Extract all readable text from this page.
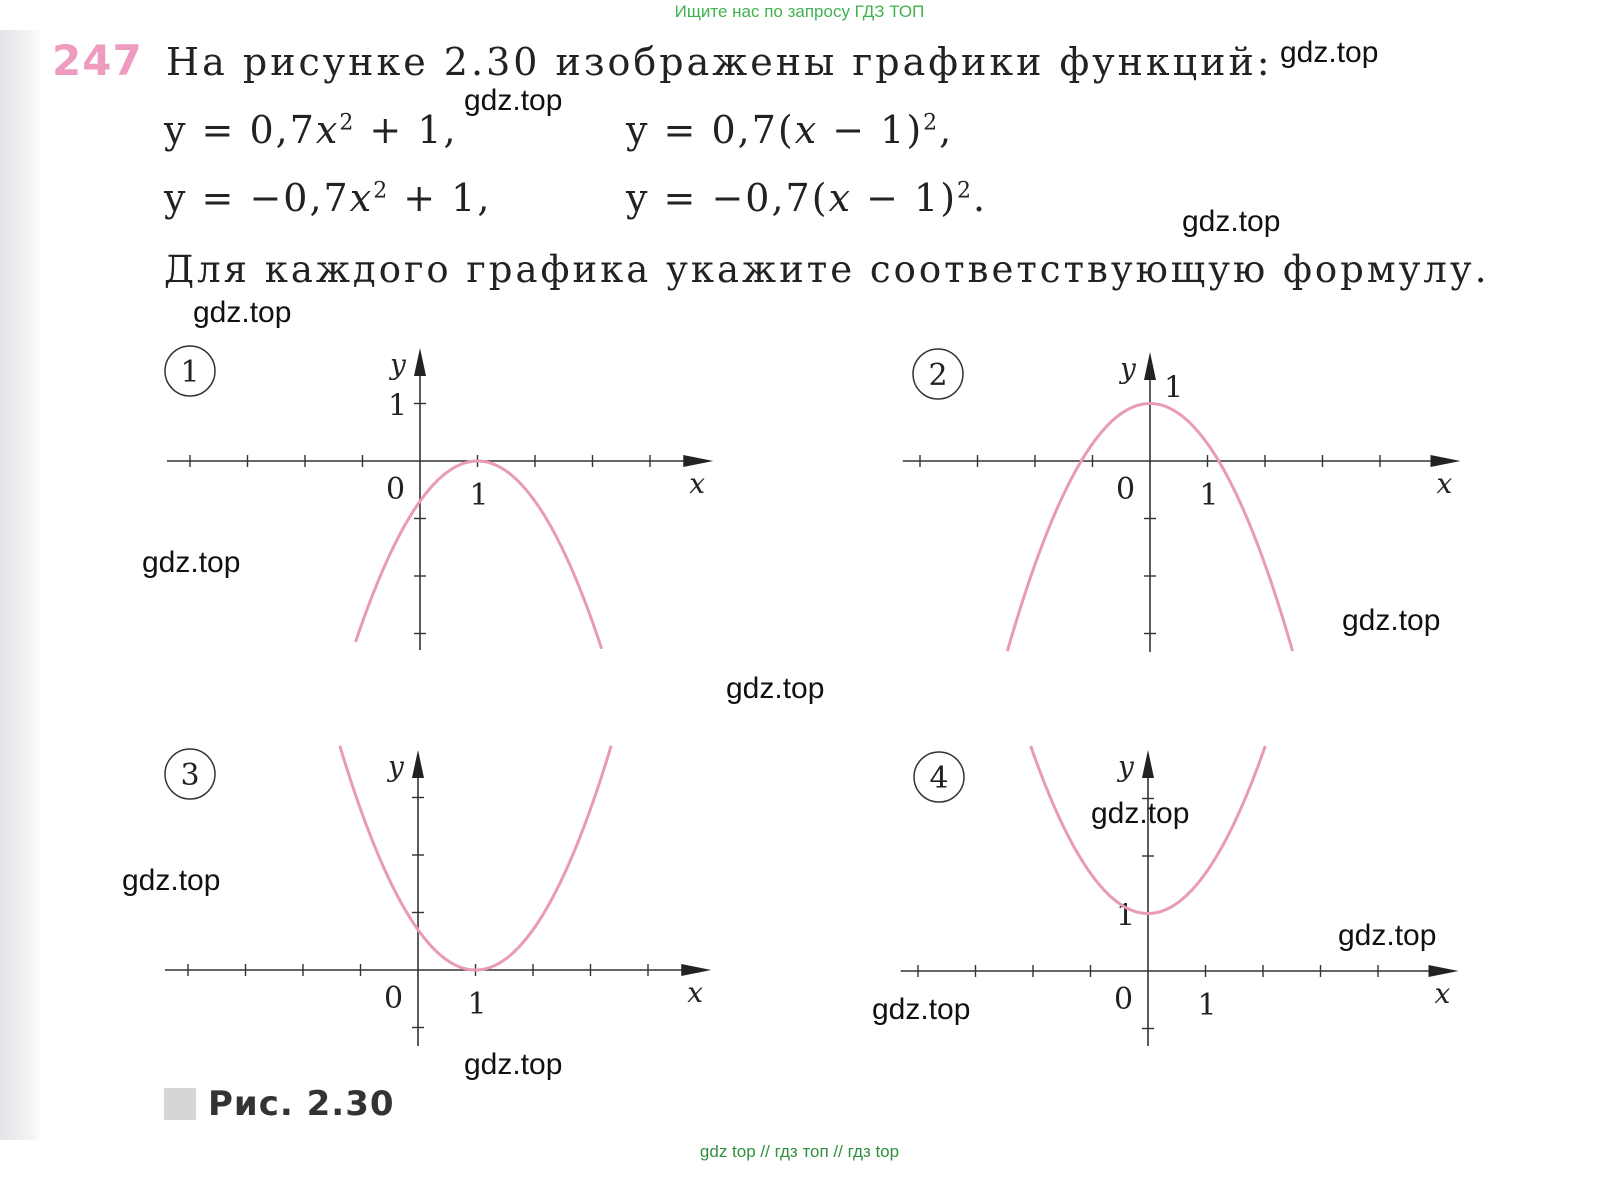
Ищите нас по запросу ГДЗ ТОП
247 На рисунке 2.30 изображены графики функций:
$y = 0,7x^2 + 1$,	$y = 0,7(x - 1)^2$,
$y = -0,7x^2 + 1$,	$y = -0,7(x - 1)^2$.
Для каждого графика укажите соответствующую формулу.
0 1
1
x
y
1
0 1
1
x
y
2
0 1	x
y
3
0 1
1
x
y
4
gdz.top
gdz.top
gdz.top
gdz.top
gdz.top
gdz.top
gdz.top
gdz.top
gdz.top
gdz.top
gdz.top
gdz.top
Рис. 2.30
gdz top // гдз топ // гдз top
